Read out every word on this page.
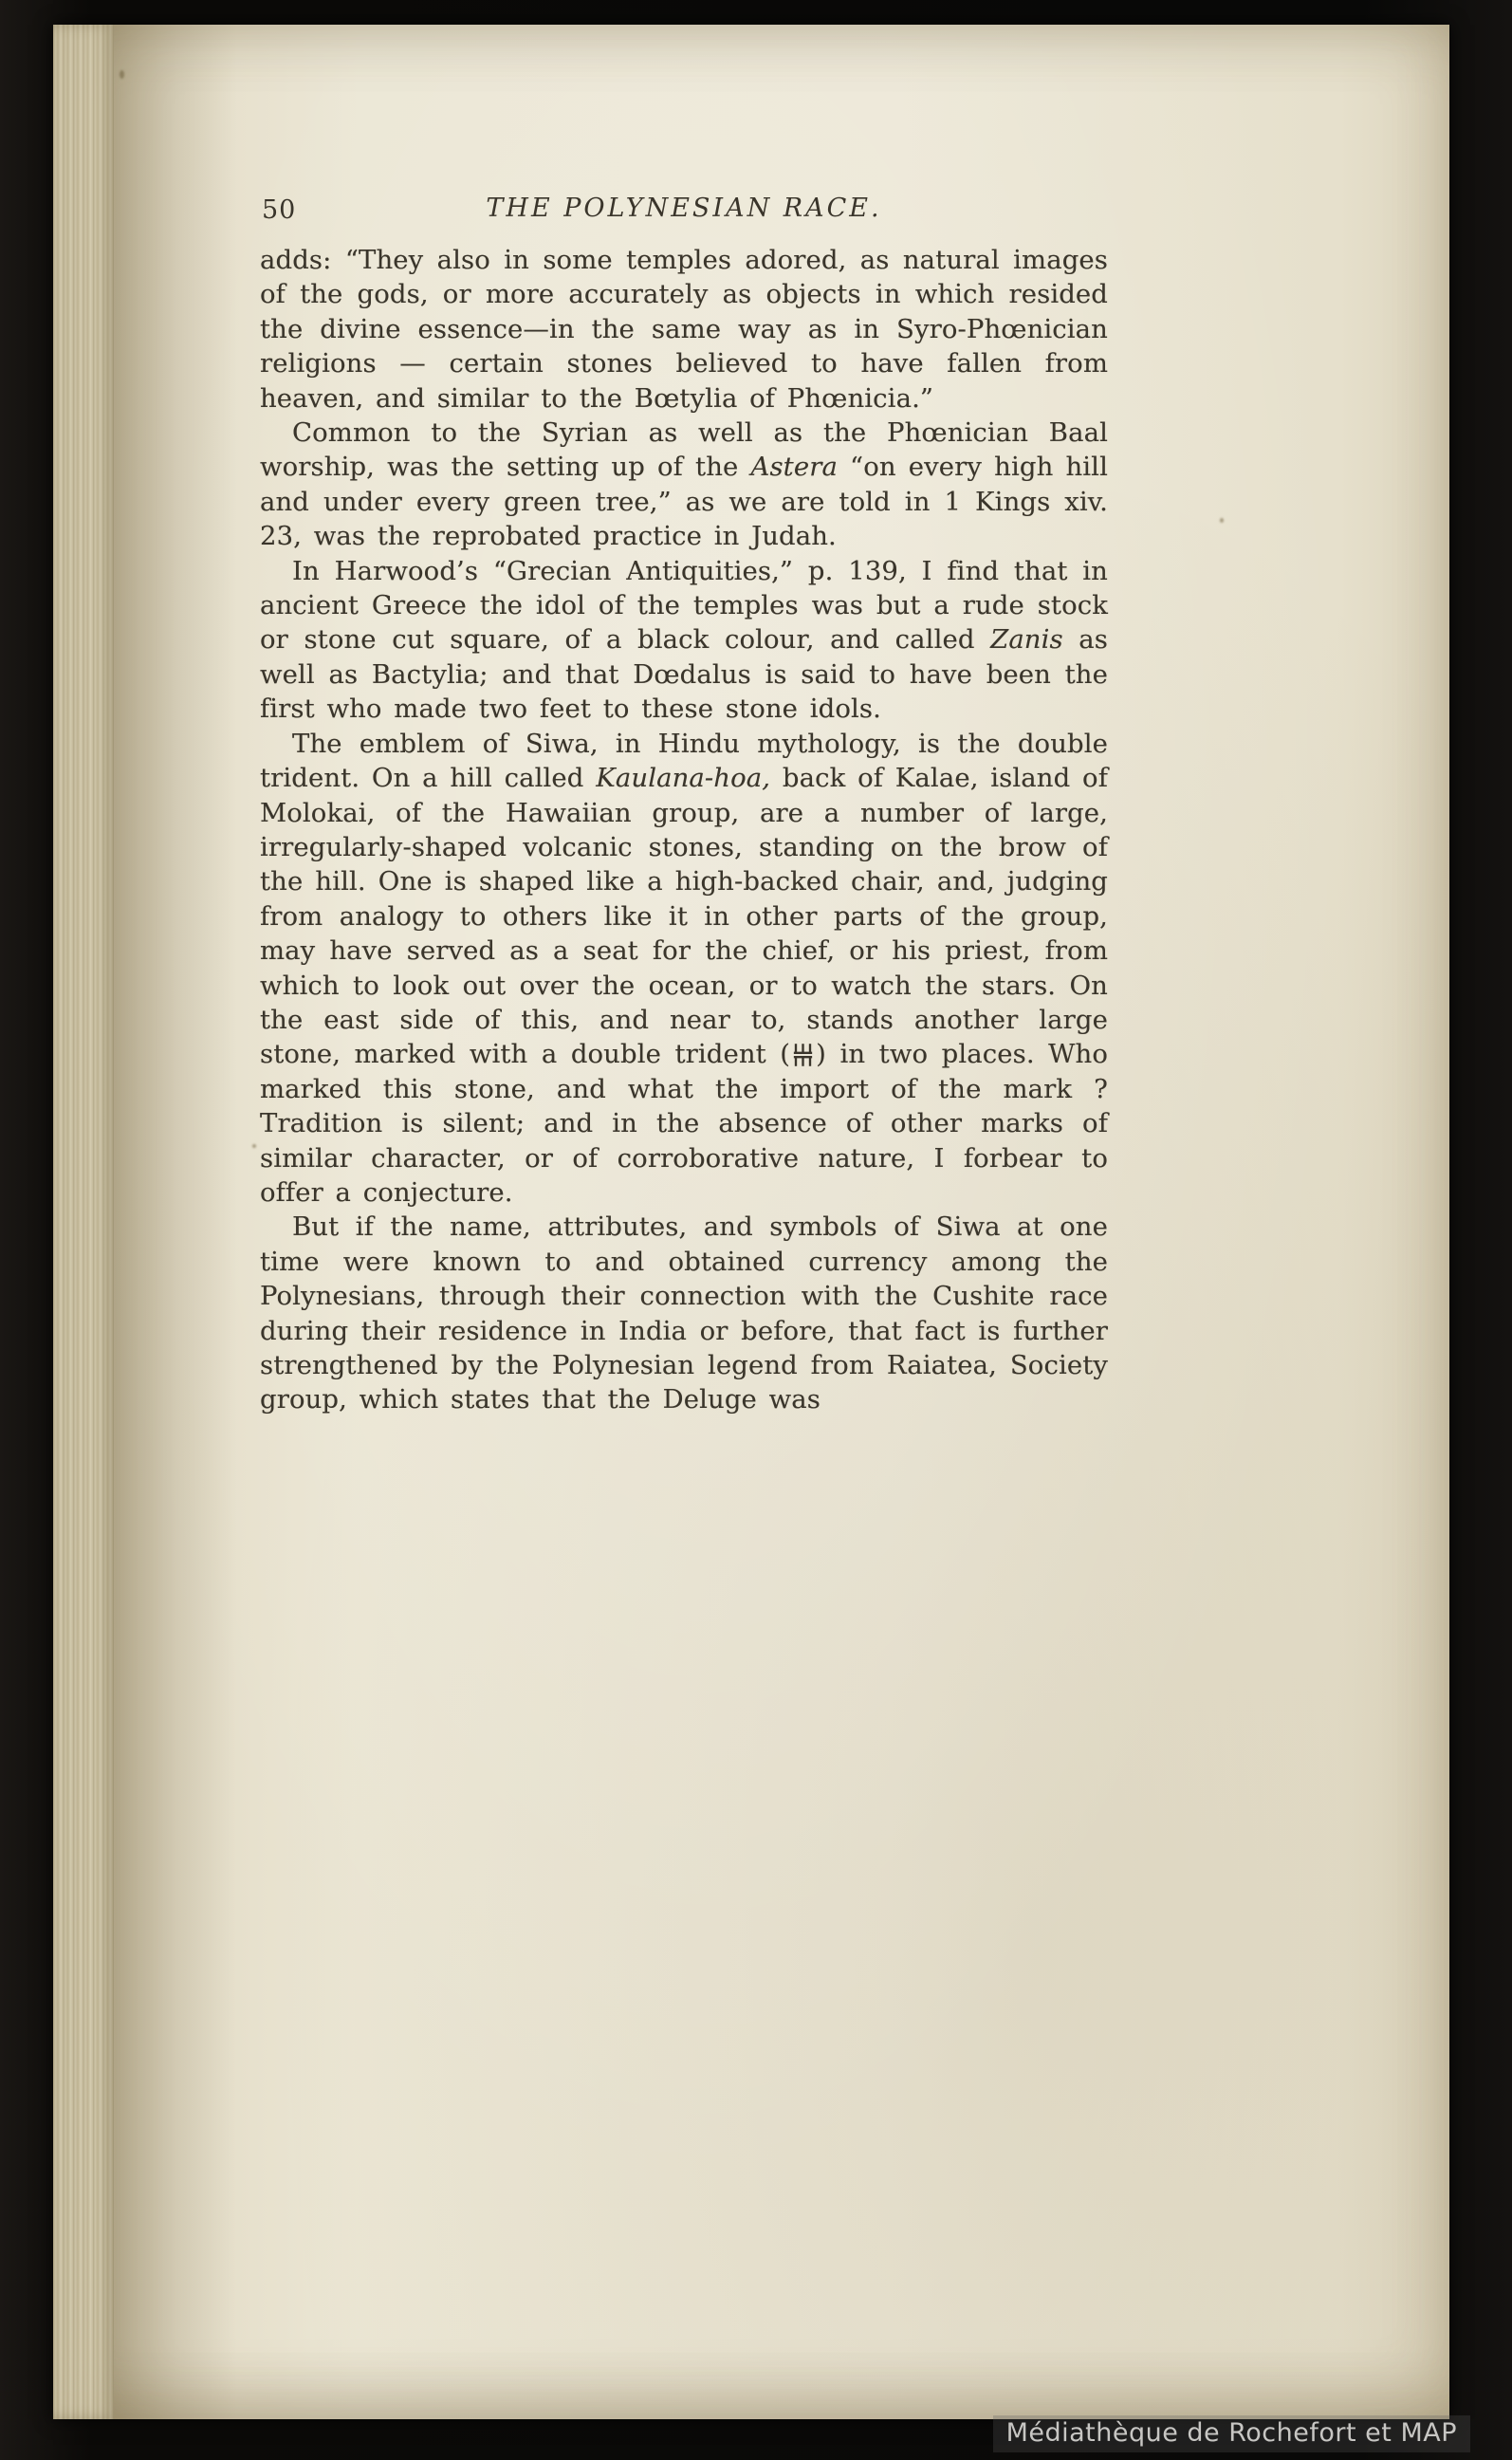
50	THE POLYNESIAN RACE.

adds: “They also in some temples adored, as natural images of the gods, or more accurately as objects in which resided the divine essence—in the same way as in Syro-Phœnician religions — certain stones believed to have fallen from heaven, and similar to the Bœtylia of Phœnicia.”

Common to the Syrian as well as the Phœnician Baal worship, was the setting up of the Astera “on every high hill and under every green tree,” as we are told in 1 Kings xiv. 23, was the reprobated practice in Judah.

In Harwood’s “Grecian Antiquities,” p. 139, I find that in ancient Greece the idol of the temples was but a rude stock or stone cut square, of a black colour, and called Zanis as well as Bactylia; and that Dœdalus is said to have been the first who made two feet to these stone idols.

The emblem of Siwa, in Hindu mythology, is the double trident. On a hill called Kaulana-hoa, back of Kalae, island of Molokai, of the Hawaiian group, are a number of large, irregularly-shaped volcanic stones, standing on the brow of the hill. One is shaped like a high-backed chair, and, judging from analogy to others like it in other parts of the group, may have served as a seat for the chief, or his priest, from which to look out over the ocean, or to watch the stars. On the east side of this, and near to, stands another large stone, marked with a double trident ( ) in two places. Who marked this stone, and what the import of the mark ? Tradition is silent; and in the absence of other marks of similar character, or of corroborative nature, I forbear to offer a conjecture.

But if the name, attributes, and symbols of Siwa at one time were known to and obtained currency among the Polynesians, through their connection with the Cushite race during their residence in India or before, that fact is further strengthened by the Polynesian legend from Raiatea, Society group, which states that the Deluge was

Médiathèque de Rochefort et MAP
